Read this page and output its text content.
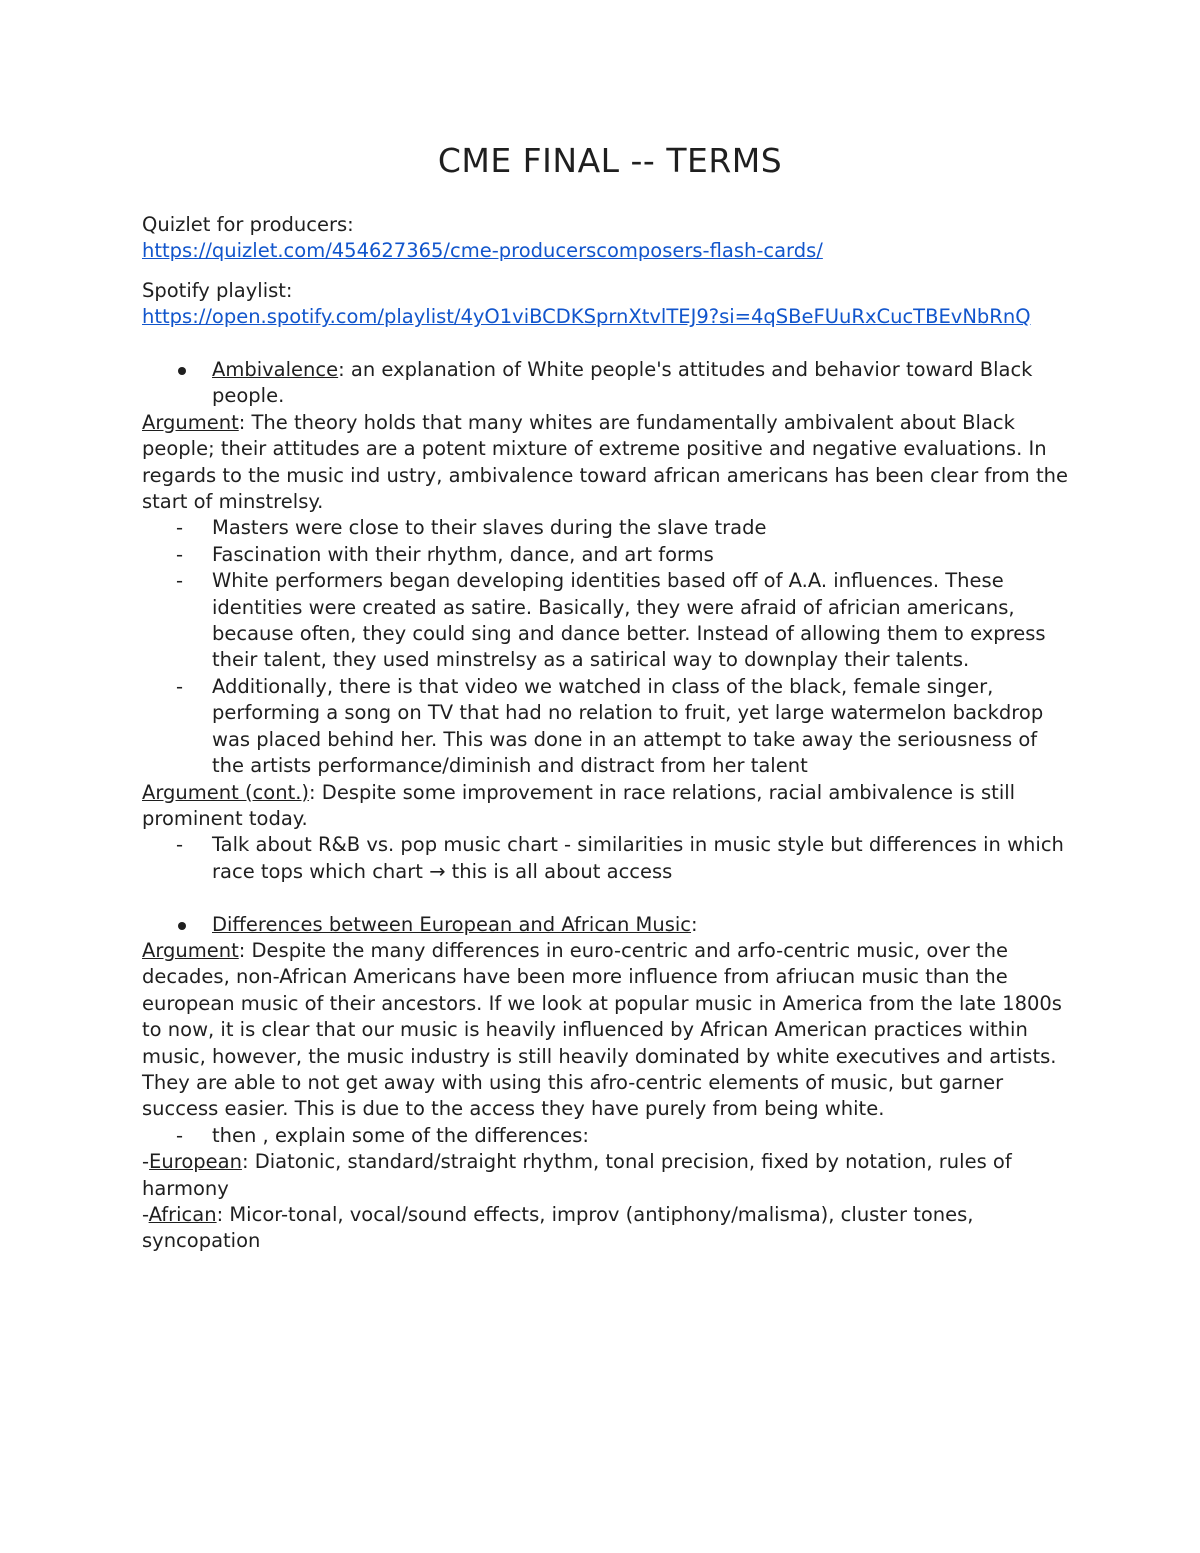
CME FINAL -- TERMS

Quizlet for producers:

https://quizlet.com/454627365/cme-producerscomposers-flash-cards/

Spotify playlist:

https://open.spotify.com/playlist/4yO1viBCDKSprnXtvlTEJ9?si=4qSBeFUuRxCucTBEvNbRnQ

Ambivalence: an explanation of White people's attitudes and behavior toward Black people.

Argument: The theory holds that many whites are fundamentally ambivalent about Black people; their attitudes are a potent mixture of extreme positive and negative evaluations. In regards to the music ind ustry, ambivalence toward african americans has been clear from the start of minstrelsy.

- Masters were close to their slaves during the slave trade
- Fascination with their rhythm, dance, and art forms
- White performers began developing identities based off of A.A. influences. These identities were created as satire. Basically, they were afraid of africian americans, because often, they could sing and dance better. Instead of allowing them to express their talent, they used minstrelsy as a satirical way to downplay their talents.
- Additionally, there is that video we watched in class of the black, female singer, performing a song on TV that had no relation to fruit, yet large watermelon backdrop was placed behind her. This was done in an attempt to take away the seriousness of the artists performance/diminish and distract from her talent

Argument (cont.): Despite some improvement in race relations, racial ambivalence is still prominent today.

- Talk about R&B vs. pop music chart - similarities in music style but differences in which race tops which chart → this is all about access
Differences between European and African Music:

Argument: Despite the many differences in euro-centric and arfo-centric music, over the decades, non-African Americans have been more influence from afriucan music than the european music of their ancestors. If we look at popular music in America from the late 1800s to now, it is clear that our music is heavily influenced by African American practices within music, however, the music industry is still heavily dominated by white executives and artists. They are able to not get away with using this afro-centric elements of music, but garner success easier. This is due to the access they have purely from being white.

- then , explain some of the differences:

-European: Diatonic, standard/straight rhythm, tonal precision, fixed by notation, rules of harmony

-African: Micor-tonal, vocal/sound effects, improv (antiphony/malisma), cluster tones, syncopation
